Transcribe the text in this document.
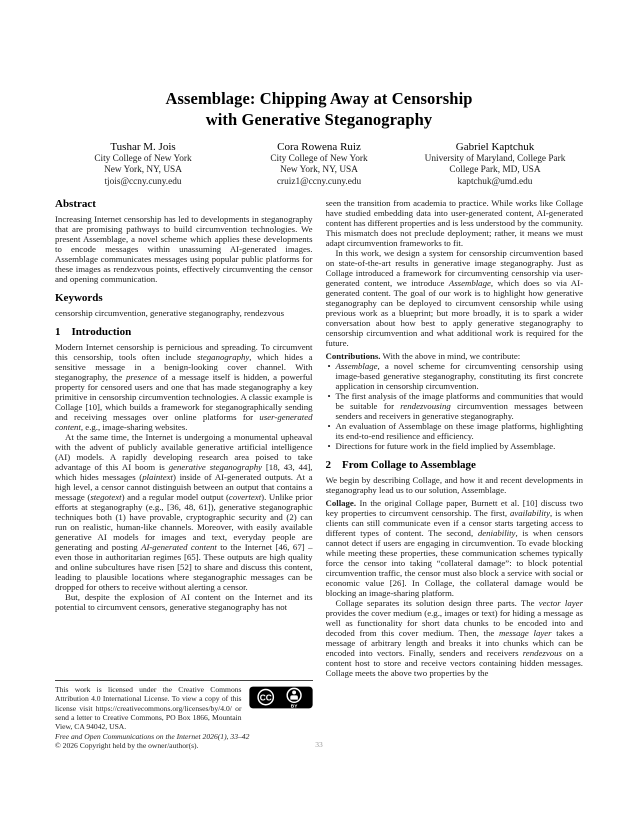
Assemblage: Chipping Away at Censorship
with Generative Steganography
Tushar M. Jois
City College of New York
New York, NY, USA
tjois@ccny.cuny.edu
Cora Rowena Ruiz
City College of New York
New York, NY, USA
cruiz1@ccny.cuny.edu
Gabriel Kaptchuk
University of Maryland, College Park
College Park, MD, USA
kaptchuk@umd.edu
Abstract

Increasing Internet censorship has led to developments in steganography that are promising pathways to build circumvention technologies. We present Assemblage, a novel scheme which applies these developments to encode messages within unassuming AI-generated images. Assemblage communicates messages using popular public platforms for these images as rendezvous points, effectively circumventing the censor and opening communication.

Keywords

censorship circumvention, generative steganography, rendezvous

1 Introduction

Modern Internet censorship is pernicious and spreading. To circumvent this censorship, tools often include steganography, which hides a sensitive message in a benign-looking cover channel. With steganography, the presence of a message itself is hidden, a powerful property for censored users and one that has made steganography a key primitive in censorship circumvention technologies. A classic example is Collage [10], which builds a framework for steganographically sending and receiving messages over online platforms for user-generated content, e.g., image-sharing websites.

At the same time, the Internet is undergoing a monumental upheaval with the advent of publicly available generative artificial intelligence (AI) models. A rapidly developing research area poised to take advantage of this AI boom is generative steganography [18, 43, 44], which hides messages (plaintext) inside of AI-generated outputs. At a high level, a censor cannot distinguish between an output that contains a message (stegotext) and a regular model output (covertext). Unlike prior efforts at steganography (e.g., [36, 48, 61]), generative steganographic techniques both (1) have provable, cryptographic security and (2) can run on realistic, human-like channels. Moreover, with easily available generative AI models for images and text, everyday people are generating and posting AI-generated content to the Internet [46, 67] – even those in authoritarian regimes [65]. These outputs are high quality and online subcultures have risen [52] to share and discuss this content, leading to plausible locations where steganographic messages can be dropped for others to receive without alerting a censor.

But, despite the explosion of AI content on the Internet and its potential to circumvent censors, generative steganography has not

CC
BY

This work is licensed under the Creative Commons Attribution 4.0 International License. To view a copy of this license visit https://creativecommons.org/licenses/by/4.0/ or send a letter to Creative Commons, PO Box 1866, Mountain View, CA 94042, USA.

Free and Open Communications on the Internet 2026(1), 33–42

© 2026 Copyright held by the owner/author(s).

seen the transition from academia to practice. While works like Collage have studied embedding data into user-generated content, AI-generated content has different properties and is less understood by the community. This mismatch does not preclude deployment; rather, it means we must adapt circumvention frameworks to fit.

In this work, we design a system for censorship circumvention based on state-of-the-art results in generative image steganography. Just as Collage introduced a framework for circumventing censorship via user-generated content, we introduce Assemblage, which does so via AI-generated content. The goal of our work is to highlight how generative steganography can be deployed to circumvent censorship while using previous work as a blueprint; but more broadly, it is to spark a wider conversation about how best to apply generative steganography to censorship circumvention and what additional work is required for the future.

Contributions. With the above in mind, we contribute:

• Assemblage, a novel scheme for circumventing censorship using image-based generative steganography, constituting its first concrete application in censorship circumvention.
• The first analysis of the image platforms and communities that would be suitable for rendezvousing circumvention messages between senders and receivers in generative steganography.
• An evaluation of Assemblage on these image platforms, highlighting its end-to-end resilience and efficiency.
• Directions for future work in the field implied by Assemblage.
2 From Collage to Assemblage

We begin by describing Collage, and how it and recent developments in steganography lead us to our solution, Assemblage.

Collage. In the original Collage paper, Burnett et al. [10] discuss two key properties to circumvent censorship. The first, availability, is when clients can still communicate even if a censor starts targeting access to different types of content. The second, deniability, is when censors cannot detect if users are engaging in circumvention. To evade blocking while meeting these properties, these communication schemes typically force the censor into taking “collateral damage”: to block potential circumvention traffic, the censor must also block a service with social or economic value [26]. In Collage, the collateral damage would be blocking an image-sharing platform.

Collage separates its solution design three parts. The vector layer provides the cover medium (e.g., images or text) for hiding a message as well as functionality for short data chunks to be encoded into and decoded from this cover medium. Then, the message layer takes a message of arbitrary length and breaks it into chunks which can be encoded into vectors. Finally, senders and receivers rendezvous on a content host to store and receive vectors containing hidden messages. Collage meets the above two properties by the

33
